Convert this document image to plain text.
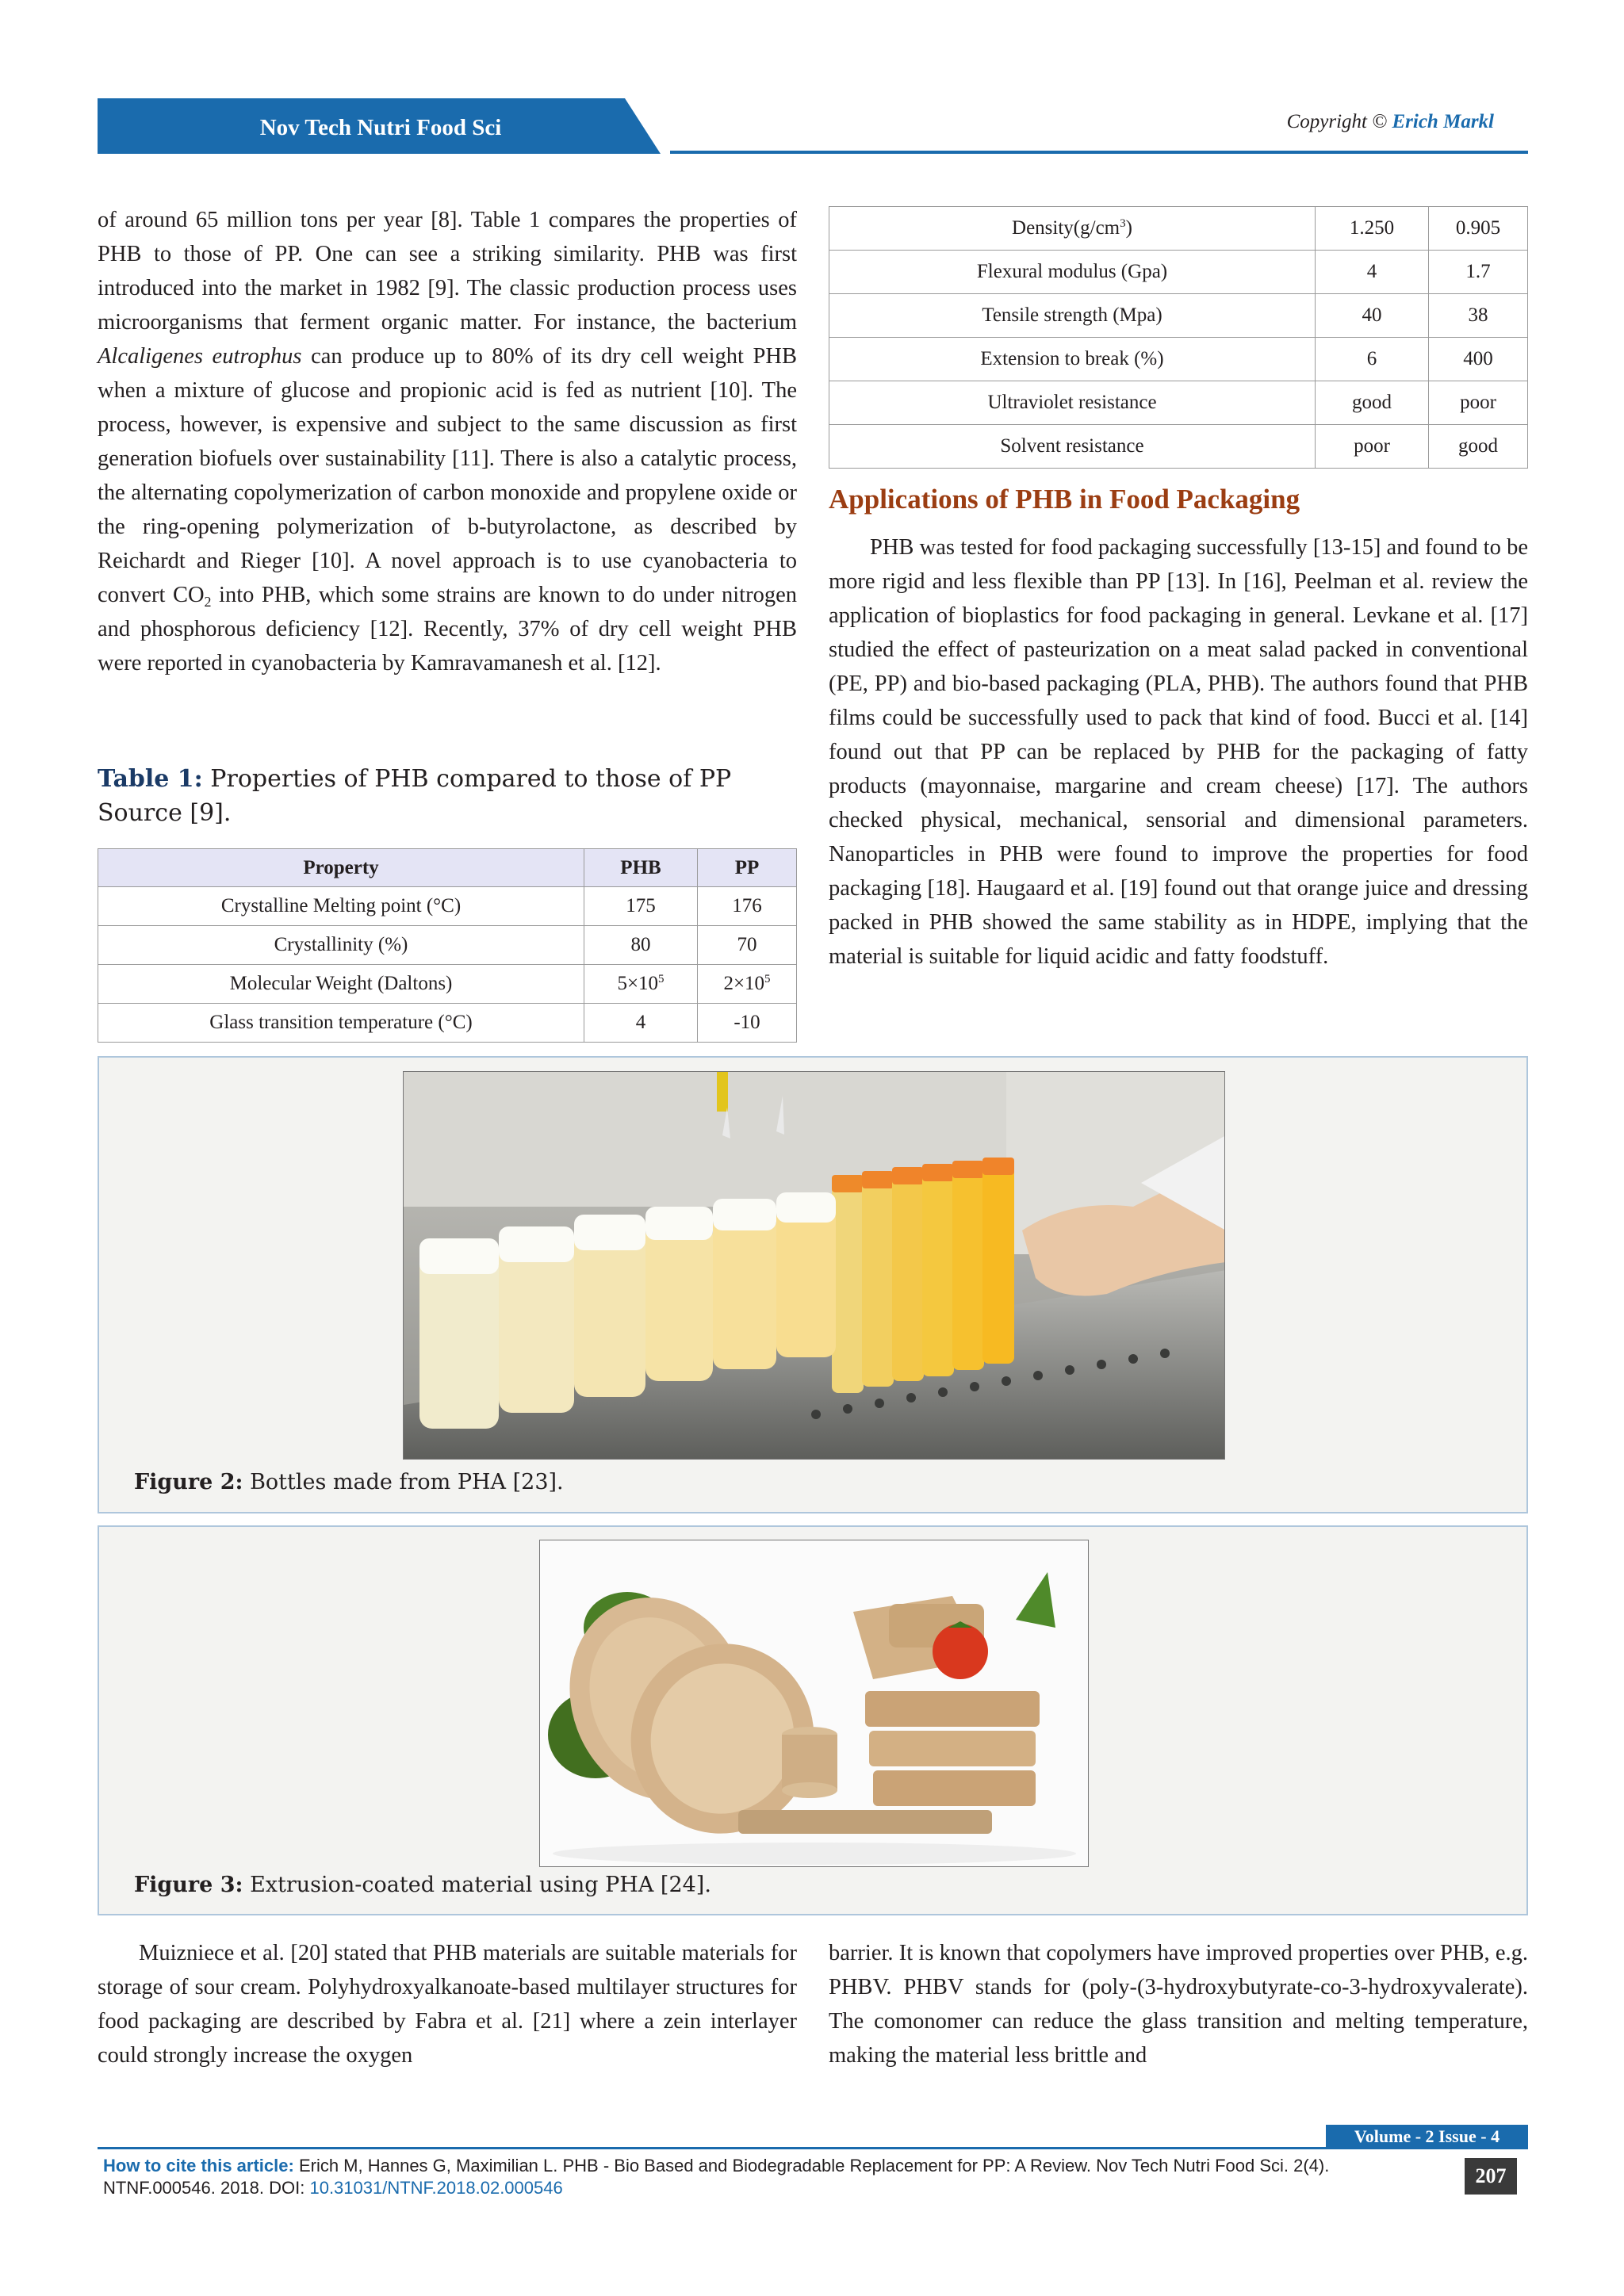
Nov Tech Nutri Food Sci	Copyright © Erich Markl

of around 65 million tons per year [8]. Table 1 compares the properties of PHB to those of PP. One can see a striking similarity. PHB was first introduced into the market in 1982 [9]. The classic production process uses microorganisms that ferment organic matter. For instance, the bacterium Alcaligenes eutrophus can produce up to 80% of its dry cell weight PHB when a mixture of glucose and propionic acid is fed as nutrient [10]. The process, however, is expensive and subject to the same discussion as first generation biofuels over sustainability [11]. There is also a catalytic process, the alternating copolymerization of carbon monoxide and propylene oxide or the ring-opening polymerization of b-butyrolactone, as described by Reichardt and Rieger [10]. A novel approach is to use cyanobacteria to convert $CO_2$ into PHB, which some strains are known to do under nitrogen and phosphorous deficiency [12]. Recently, 37% of dry cell weight PHB were reported in cyanobacteria by Kamravamanesh et al. [12].

Table 1: Properties of PHB compared to those of PP Source [9].
Property	PHB	PP
Crystalline Melting point (°C)	175	176
Crystallinity (%)	80	70
Molecular Weight (Daltons)	$5\times 10^5$	$2\times 10^5$
Glass transition temperature (°C)	4	-10
$Density(g/cm^3)$	1.250	0.905
Flexural modulus (Gpa)	4	1.7
Tensile strength (Mpa)	40	38
Extension to break (%)	6	400
Ultraviolet resistance	good	poor
Solvent resistance	poor	good
Applications of PHB in Food Packaging

PHB was tested for food packaging successfully [13-15] and found to be more rigid and less flexible than PP [13]. In [16], Peelman et al. review the application of bioplastics for food packaging in general. Levkane et al. [17] studied the effect of pasteurization on a meat salad packed in conventional (PE, PP) and bio-based packaging (PLA, PHB). The authors found that PHB films could be successfully used to pack that kind of food. Bucci et al. [14] found out that PP can be replaced by PHB for the packaging of fatty products (mayonnaise, margarine and cream cheese) [17]. The authors checked physical, mechanical, sensorial and dimensional parameters. Nanoparticles in PHB were found to improve the properties for food packaging [18]. Haugaard et al. [19] found out that orange juice and dressing packed in PHB showed the same stability as in HDPE, implying that the material is suitable for liquid acidic and fatty foodstuff.

Figure 2: Bottles made from PHA [23].
Figure 3: Extrusion-coated material using PHA [24].

Muizniece et al. [20] stated that PHB materials are suitable materials for storage of sour cream. Polyhydroxyalkanoate-based multilayer structures for food packaging are described by Fabra et al. [21] where a zein interlayer could strongly increase the oxygen

barrier. It is known that copolymers have improved properties over PHB, e.g. PHBV. PHBV stands for (poly-(3-hydroxybutyrate-co-3-hydroxyvalerate). The comonomer can reduce the glass transition and melting temperature, making the material less brittle and

Volume - 2 Issue - 4
How to cite this article: Erich M, Hannes G, Maximilian L. PHB - Bio Based and Biodegradable Replacement for PP: A Review. Nov Tech Nutri Food Sci. 2(4). NTNF.000546. 2018. DOI: 10.31031/NTNF.2018.02.000546
207
